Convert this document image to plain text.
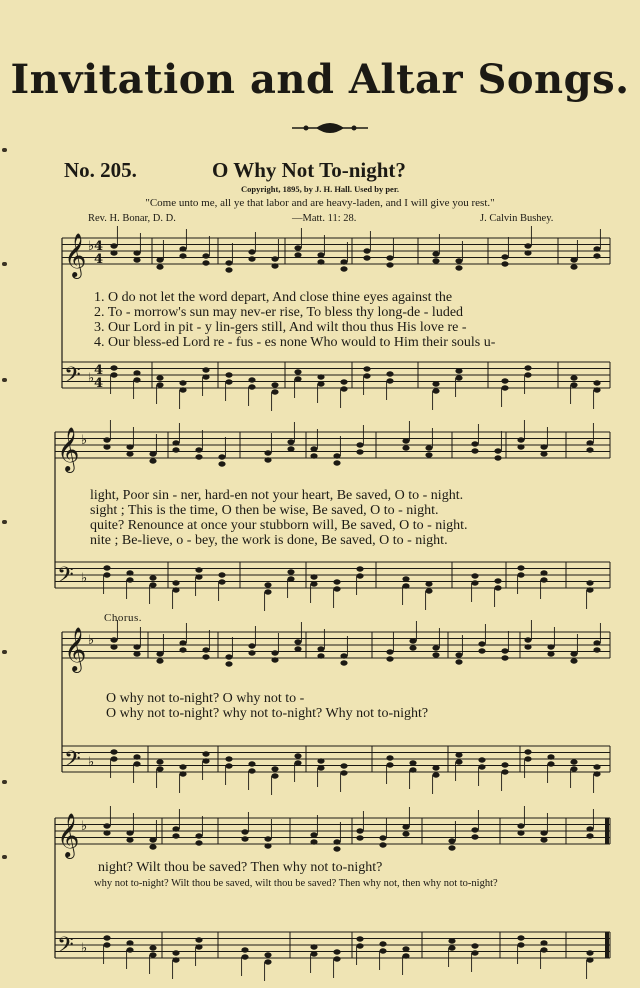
Invitation and Altar Songs.
No. 205.	O Why Not To-night?
Copyright, 1895, by J. H. Hall. Used by per.
"Come unto me, all ye that labor and are heavy-laden, and I will give you rest."
Rev. H. Bonar, D. D.	—Matt. 11: 28.	J. Calvin Bushey.
𝄞 ♭
𝄢 ♭
𝄞 ♭
𝄢 ♭
𝄞 ♭
𝄢 ♭
𝄞 ♭
𝄢 ♭
4
4
4
4
1. O do not let the word depart, And close thine eyes against the
2. To - morrow's sun may nev-er rise, To bless thy long-de - luded
3. Our Lord in pit - y lin-gers still, And wilt thou thus His love re -
4. Our bless-ed Lord re - fus - es none Who would to Him their souls u-
light, Poor sin - ner, hard-en not your heart, Be saved, O to - night.
sight ; This is the time, O then be wise, Be saved, O to - night.
quite? Renounce at once your stubborn will, Be saved, O to - night.
nite ; Be-lieve, o - bey, the work is done, Be saved, O to - night.
Chorus.
O why not to-night? O why not to -
O why not to-night? why not to-night? Why not to-night?
night? Wilt thou be saved? Then why not to-night?
why not to-night? Wilt thou be saved, wilt thou be saved? Then why not, then why not to-night?
